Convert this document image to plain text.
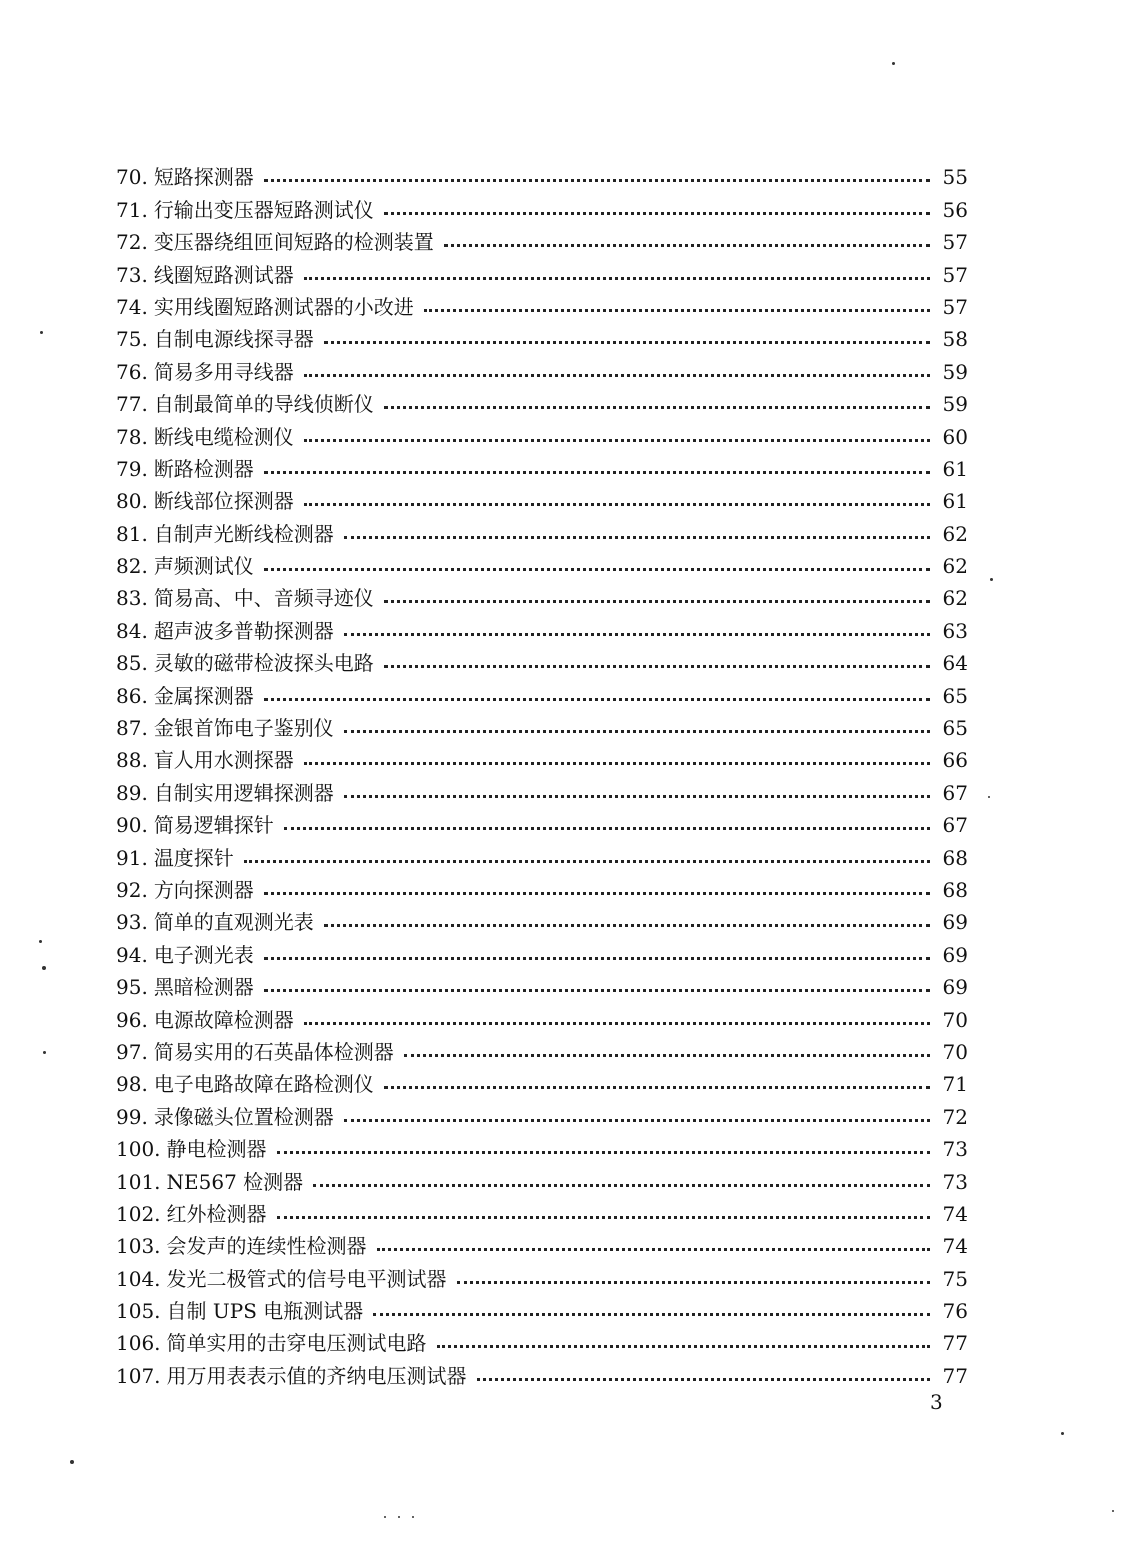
70. 短路探测器	55
71. 行输出变压器短路测试仪	56
72. 变压器绕组匝间短路的检测装置	57
73. 线圈短路测试器	57
74. 实用线圈短路测试器的小改进	57
75. 自制电源线探寻器	58
76. 简易多用寻线器	59
77. 自制最简单的导线侦断仪	59
78. 断线电缆检测仪	60
79. 断路检测器	61
80. 断线部位探测器	61
81. 自制声光断线检测器	62
82. 声频测试仪	62
83. 简易高、中、音频寻迹仪	62
84. 超声波多普勒探测器	63
85. 灵敏的磁带检波探头电路	64
86. 金属探测器	65
87. 金银首饰电子鉴别仪	65
88. 盲人用水测探器	66
89. 自制实用逻辑探测器	67
90. 简易逻辑探针	67
91. 温度探针	68
92. 方向探测器	68
93. 简单的直观测光表	69
94. 电子测光表	69
95. 黑暗检测器	69
96. 电源故障检测器	70
97. 简易实用的石英晶体检测器	70
98. 电子电路故障在路检测仪	71
99. 录像磁头位置检测器	72
100. 静电检测器	73
101. NE567 检测器	73
102. 红外检测器	74
103. 会发声的连续性检测器	74
104. 发光二极管式的信号电平测试器	75
105. 自制 UPS 电瓶测试器	76
106. 简单实用的击穿电压测试电路	77
107. 用万用表表示值的齐纳电压测试器	77
3
